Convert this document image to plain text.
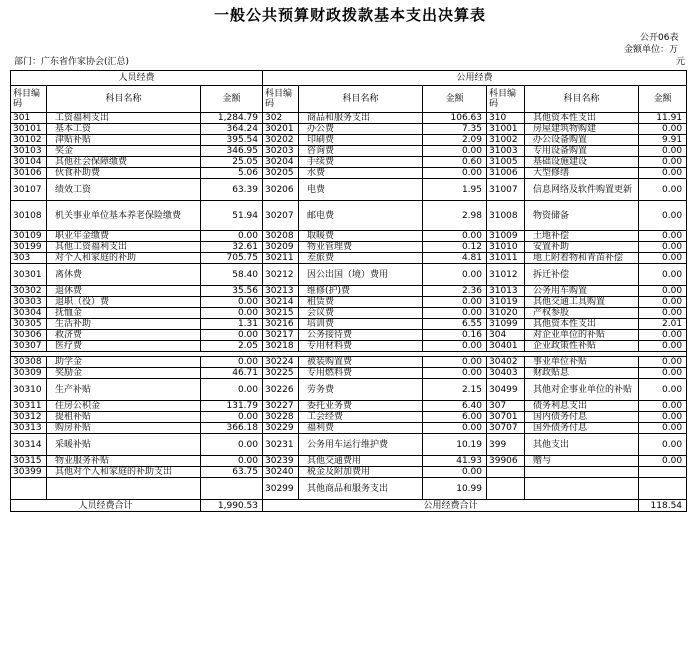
一般公共预算财政拨款基本支出决算表
公开06表
金额单位：万
元
部门：广东省作家协会(汇总)
人员经费			公用经费					
科目编码	科目名称	金额	科目编码	科目名称	金额	科目编码	科目名称	金额
301	工资福利支出	1,284.79	302	商品和服务支出	106.63	310	其他资本性支出	11.91
30101	基本工资	364.24	30201	办公费	7.35	31001	房屋建筑物购建	0.00
30102	津贴补贴	395.54	30202	印刷费	2.09	31002	办公设备购置	9.91
30103	奖金	346.95	30203	咨询费	0.00	31003	专用设备购置	0.00
30104	其他社会保障缴费	25.05	30204	手续费	0.60	31005	基础设施建设	0.00
30106	伙食补助费	5.06	30205	水费	0.00	31006	大型修缮	0.00
30107	绩效工资	63.39	30206	电费	1.95	31007	信息网络及软件购置更新	0.00
30108	机关事业单位基本养老保险缴费	51.94	30207	邮电费	2.98	31008	物资储备	0.00
30109	职业年金缴费	0.00	30208	取暖费	0.00	31009	土地补偿	0.00
30199	其他工资福利支出	32.61	30209	物业管理费	0.12	31010	安置补助	0.00
303	对个人和家庭的补助	705.75	30211	差旅费	4.81	31011	地上附着物和青苗补偿	0.00
30301	离休费	58.40	30212	因公出国（境）费用	0.00	31012	拆迁补偿	0.00
30302	退休费	35.56	30213	维修(护)费	2.36	31013	公务用车购置	0.00
30303	退职（役）费	0.00	30214	租赁费	0.00	31019	其他交通工具购置	0.00
30304	抚恤金	0.00	30215	会议费	0.00	31020	产权参股	0.00
30305	生活补助	1.31	30216	培训费	6.55	31099	其他资本性支出	2.01
30306	救济费	0.00	30217	公务接待费	0.16	304	对企业单位的补贴	0.00
30307	医疗费	2.05	30218	专用材料费	0.00	30401	企业政策性补贴	0.00

30308	助学金	0.00	30224	被装购置费	0.00	30402	事业单位补贴	0.00
30309	奖励金	46.71	30225	专用燃料费	0.00	30403	财政贴息	0.00
30310	生产补贴	0.00	30226	劳务费	2.15	30499	其他对企事业单位的补贴	0.00
30311	住房公积金	131.79	30227	委托业务费	6.40	307	债务利息支出	0.00
30312	提租补贴	0.00	30228	工会经费	6.00	30701	国内债务付息	0.00
30313	购房补贴	366.18	30229	福利费	0.00	30707	国外债务付息	0.00
30314	采暖补贴	0.00	30231	公务用车运行维护费	10.19	399	其他支出	0.00
30315	物业服务补贴	0.00	30239	其他交通费用	41.93	39906	赠与	0.00
30399	其他对个人和家庭的补助支出	63.75	30240	税金及附加费用	0.00			
			30299	其他商品和服务支出	10.99			
人员经费合计		1,990.53	公用经费合计					118.54
